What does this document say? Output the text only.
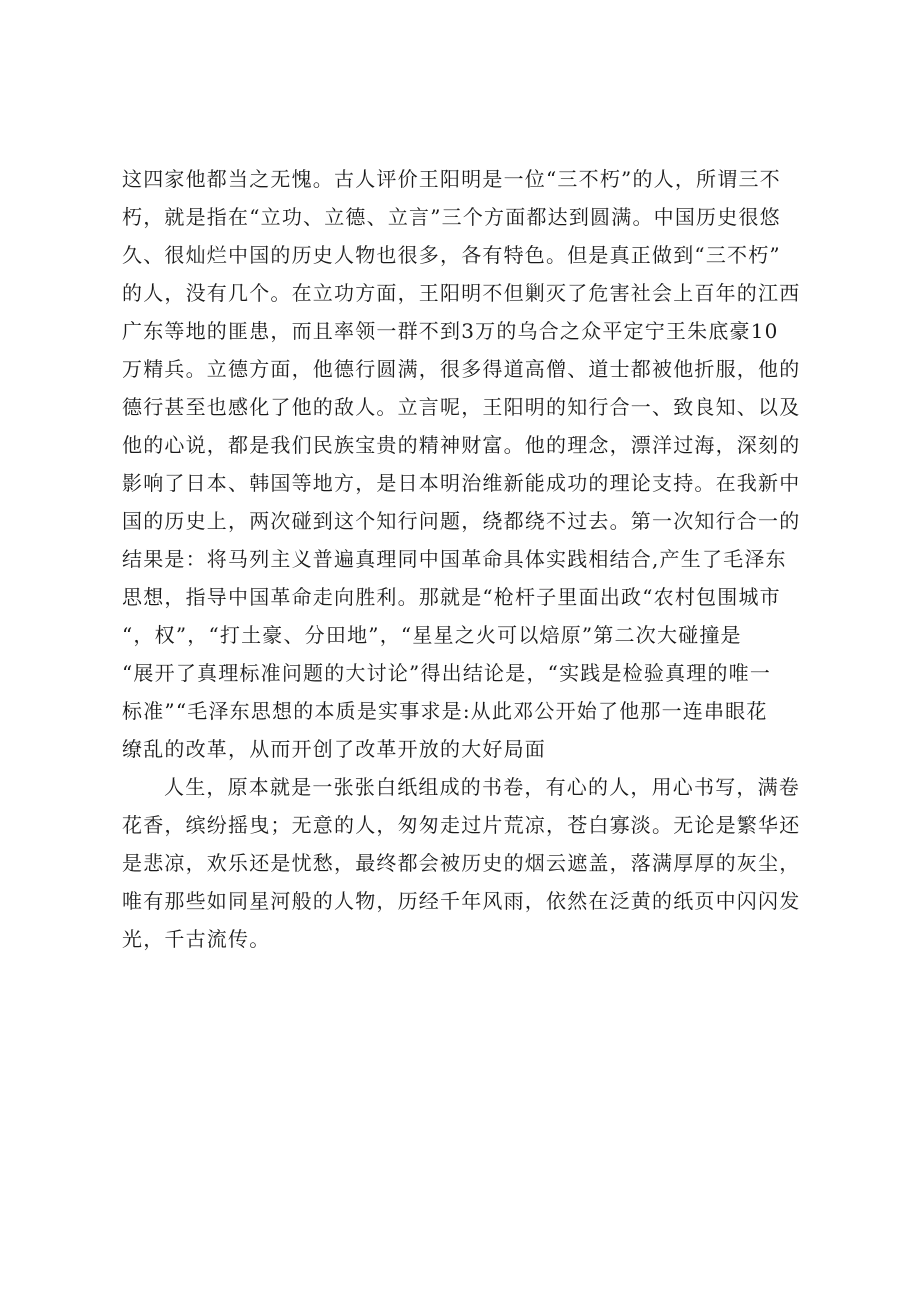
这四家他都当之无愧。古人评价王阳明是一位“三不朽”的人，所谓三不
朽，就是指在“立功、立德、立言”三个方面都达到圆满。中国历史很悠
久、很灿烂中国的历史人物也很多，各有特色。但是真正做到“三不朽”
的人，没有几个。在立功方面，王阳明不但剿灭了危害社会上百年的江西
广东等地的匪患，而且率领一群不到3万的乌合之众平定宁王朱底豪10
万精兵。立德方面，他德行圆满，很多得道高僧、道士都被他折服，他的
德行甚至也感化了他的敌人。立言呢，王阳明的知行合一、致良知、以及
他的心说，都是我们民族宝贵的精神财富。他的理念，漂洋过海，深刻的
影响了日本、韩国等地方，是日本明治维新能成功的理论支持。在我新中
国的历史上，两次碰到这个知行问题，绕都绕不过去。第一次知行合一的
结果是：将马列主义普遍真理同中国革命具体实践相结合,产生了毛泽东
思想，指导中国革命走向胜利。那就是“枪杆子里面出政“农村包围城市
“，权”，“打土豪、分田地”，“星星之火可以焙原”第二次大碰撞是
“展开了真理标准问题的大讨论”得出结论是，“实践是检验真理的唯一
标准”“毛泽东思想的本质是实事求是:从此邓公开始了他那一连串眼花
缭乱的改革，从而开创了改革开放的大好局面
人生，原本就是一张张白纸组成的书卷，有心的人，用心书写，满卷
花香，缤纷摇曳；无意的人，匆匆走过片荒凉，苍白寡淡。无论是繁华还
是悲凉，欢乐还是忧愁，最终都会被历史的烟云遮盖，落满厚厚的灰尘，
唯有那些如同星河般的人物，历经千年风雨，依然在泛黄的纸页中闪闪发
光，千古流传。
